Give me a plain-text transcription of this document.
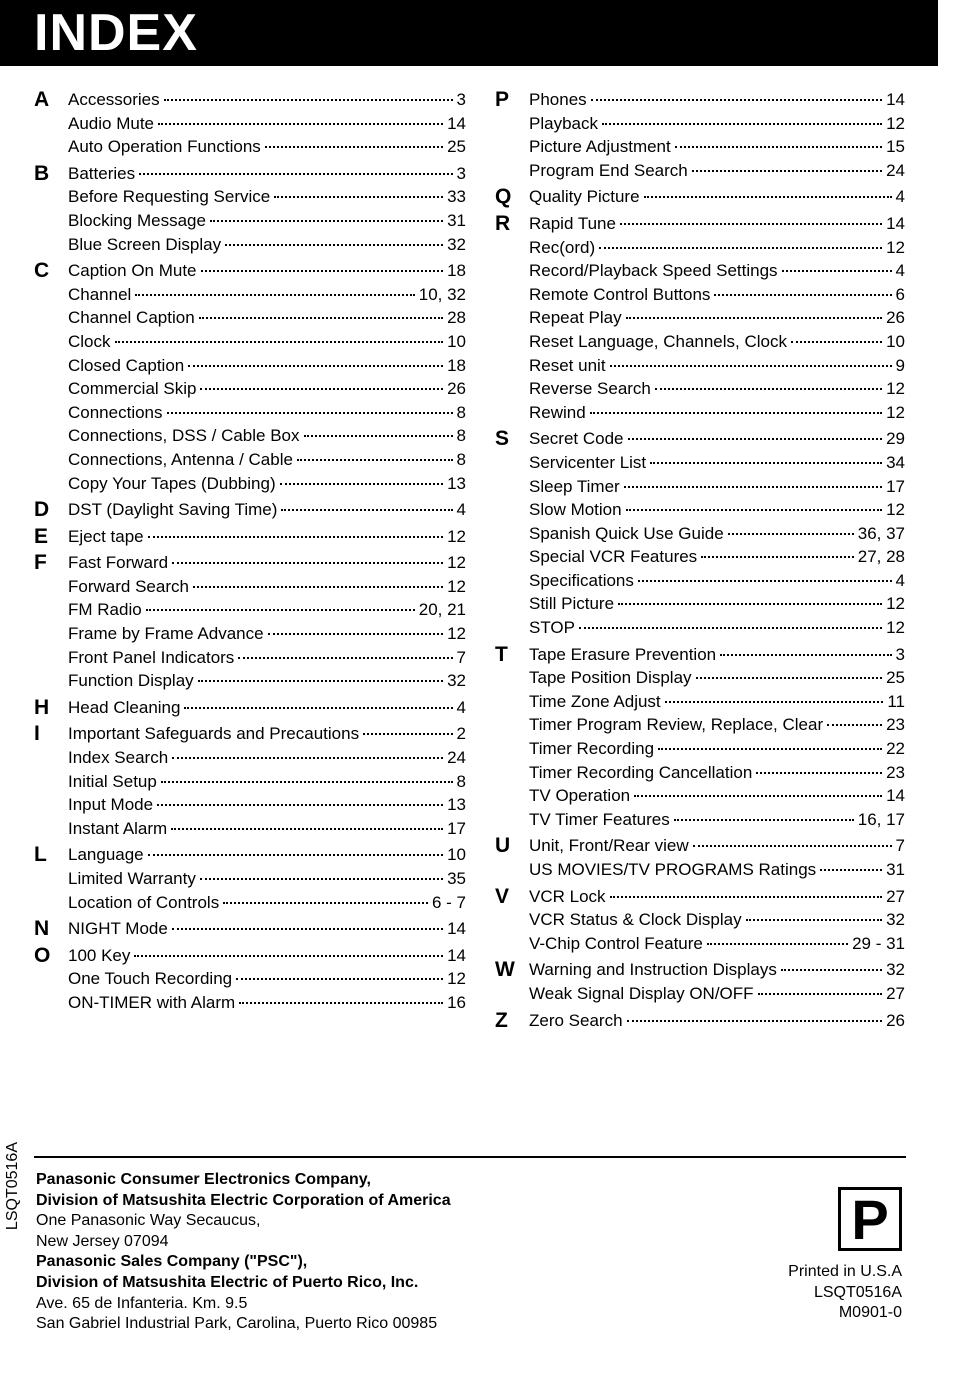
INDEX
A	Accessories	3
Audio Mute	14
Auto Operation Functions	25
B	Batteries	3
Before Requesting Service	33
Blocking Message	31
Blue Screen Display	32
C	Caption On Mute	18
Channel	10, 32
Channel Caption	28
Clock	10
Closed Caption	18
Commercial Skip	26
Connections	8
Connections, DSS / Cable Box	8
Connections, Antenna / Cable	8
Copy Your Tapes (Dubbing)	13
D	DST (Daylight Saving Time)	4
E	Eject tape	12
F	Fast Forward	12
Forward Search	12
FM Radio	20, 21
Frame by Frame Advance	12
Front Panel Indicators	7
Function Display	32
H	Head Cleaning	4
I	Important Safeguards and Precautions	2
Index Search	24
Initial Setup	8
Input Mode	13
Instant Alarm	17
L	Language	10
Limited Warranty	35
Location of Controls	6 - 7
N	NIGHT Mode	14
O	100 Key	14
One Touch Recording	12
ON-TIMER with Alarm	16
P	Phones	14
Playback	12
Picture Adjustment	15
Program End Search	24
Q	Quality Picture	4
R	Rapid Tune	14
Rec(ord)	12
Record/Playback Speed Settings	4
Remote Control Buttons	6
Repeat Play	26
Reset Language, Channels, Clock	10
Reset unit	9
Reverse Search	12
Rewind	12
S	Secret Code	29
Servicenter List	34
Sleep Timer	17
Slow Motion	12
Spanish Quick Use Guide	36, 37
Special VCR Features	27, 28
Specifications	4
Still Picture	12
STOP	12
T	Tape Erasure Prevention	3
Tape Position Display	25
Time Zone Adjust	11
Timer Program Review, Replace, Clear	23
Timer Recording	22
Timer Recording Cancellation	23
TV Operation	14
TV Timer Features	16, 17
U	Unit, Front/Rear view	7
US MOVIES/TV PROGRAMS Ratings	31
V	VCR Lock	27
VCR Status & Clock Display	32
V-Chip Control Feature	29 - 31
W Warning and Instruction Displays	32
Weak Signal Display ON/OFF	27
Z	Zero Search	26
LSQT0516A Panasonic Consumer Electronics Company,
Division of Matsushita Electric Corporation of America
One Panasonic Way Secaucus,
New Jersey 07094
Panasonic Sales Company ("PSC"),
Division of Matsushita Electric of Puerto Rico, Inc.
Ave. 65 de Infanteria. Km. 9.5
San Gabriel Industrial Park, Carolina, Puerto Rico 00985
P
Printed in U.S.A
LSQT0516A
M0901-0
